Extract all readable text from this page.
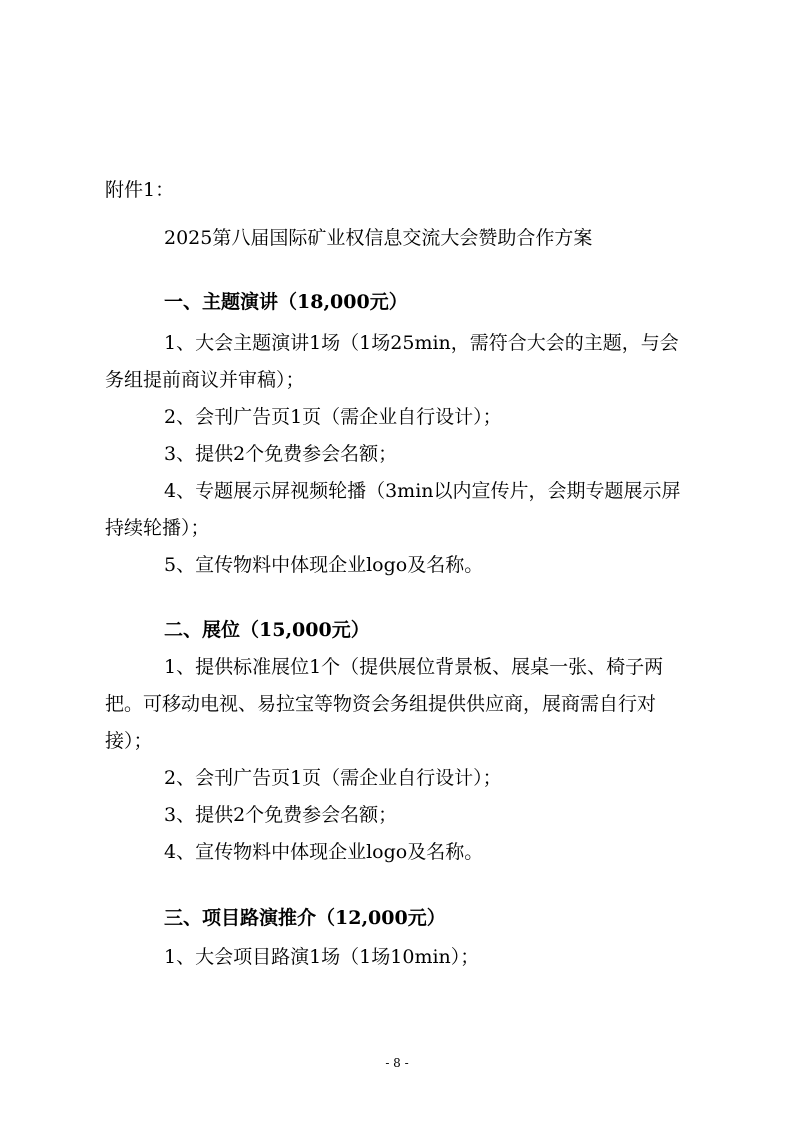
附件1：
2025第八届国际矿业权信息交流大会赞助合作方案
一、主题演讲（18,000元）
1、大会主题演讲1场（1场25min，需符合大会的主题，与会
务组提前商议并审稿）；
2、会刊广告页1页（需企业自行设计）；
3、提供2个免费参会名额；
4、专题展示屏视频轮播（3min以内宣传片，会期专题展示屏
持续轮播）；
5、宣传物料中体现企业logo及名称。
二、展位（15,000元）
1、提供标准展位1个（提供展位背景板、展桌一张、椅子两
把。可移动电视、易拉宝等物资会务组提供供应商，展商需自行对
接）；
2、会刊广告页1页（需企业自行设计）；
3、提供2个免费参会名额；
4、宣传物料中体现企业logo及名称。
三、项目路演推介（12,000元）
1、大会项目路演1场（1场10min）；
- 8 -
